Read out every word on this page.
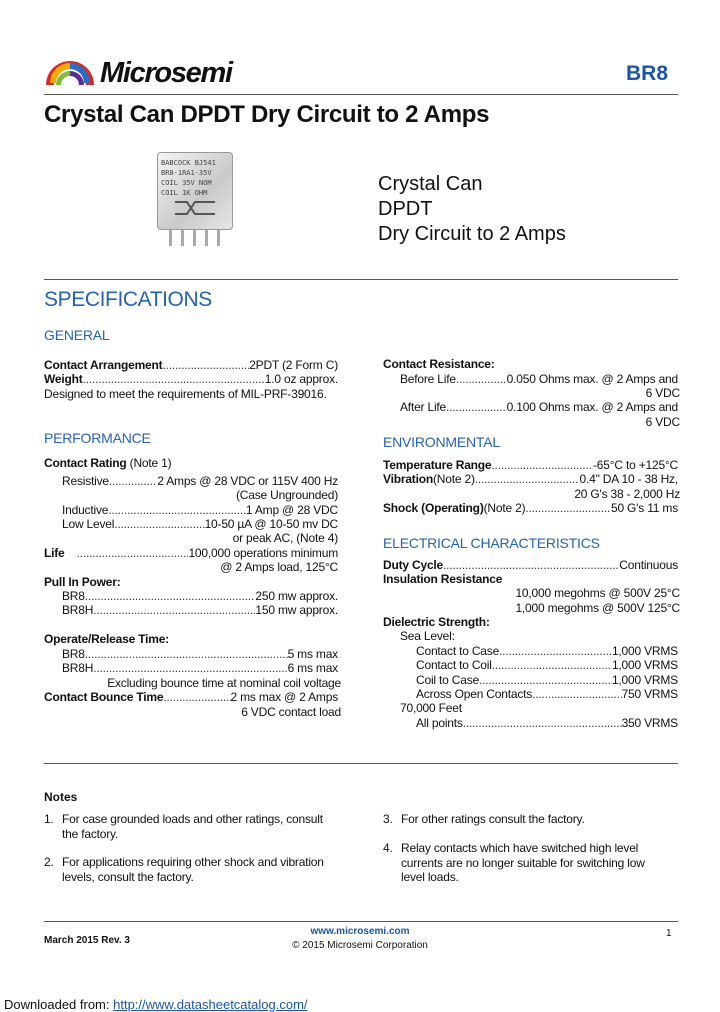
Microsemi	BR8
Crystal Can DPDT Dry Circuit to 2 Amps
BABCOCK BJ541
BR8-1RA1-35V
COIL 35V NOM
COIL 1K OHM	Crystal Can
DPDT
Dry Circuit to 2 Amps
SPECIFICATIONS
GENERAL
Contact Arrangement .....	2PDT (2 Form C)
Weight .....	1.0 oz approx.
Designed to meet the requirements of MIL-PRF-39016.
PERFORMANCE
Contact Rating (Note 1)
Resistive .....	2 Amps @ 28 VDC or 115V 400 Hz
(Case Ungrounded)
Inductive .....	1 Amp @ 28 VDC
Low Level .....	10-50 µA @ 10-50 mv DC
or peak AC, (Note 4)
Life .....	100,000 operations minimum
@ 2 Amps load, 125°C
Pull In Power:
BR8 .....	250 mw approx.
BR8H .....	150 mw approx.
Operate/Release Time:
BR8 .....	5 ms max
BR8H .....	6 ms max
Excluding bounce time at nominal coil voltage
Contact Bounce Time .....	2 ms max @ 2 Amps
6 VDC contact load
Contact Resistance:
Before Life .....	0.050 Ohms max. @ 2 Amps and
6 VDC
After Life .....	0.100 Ohms max. @ 2 Amps and
6 VDC
ENVIRONMENTAL
Temperature Range .....	-65°C to +125°C
Vibration (Note 2) .....	0.4" DA 10 - 38 Hz,
20 G's 38 - 2,000 Hz
Shock (Operating) (Note 2) .....	50 G's 11 ms
ELECTRICAL CHARACTERISTICS
Duty Cycle .....	Continuous
Insulation Resistance
10,000 megohms @ 500V 25°C
1,000 megohms @ 500V 125°C
Dielectric Strength:
Sea Level:
Contact to Case .....	1,000 VRMS
Contact to Coil .....	1,000 VRMS
Coil to Case .....	1,000 VRMS
Across Open Contacts .....	750 VRMS
70,000 Feet
All points .....	350 VRMS
Notes
1. For case grounded loads and other ratings, consult
the factory.
2. For applications requiring other shock and vibration
levels, consult the factory.
3. For other ratings consult the factory.
4. Relay contacts which have switched high level
currents are no longer suitable for switching low
level loads.
March 2015 Rev. 3
www.microsemi.com
© 2015 Microsemi Corporation
1
Downloaded from: http://www.datasheetcatalog.com/
